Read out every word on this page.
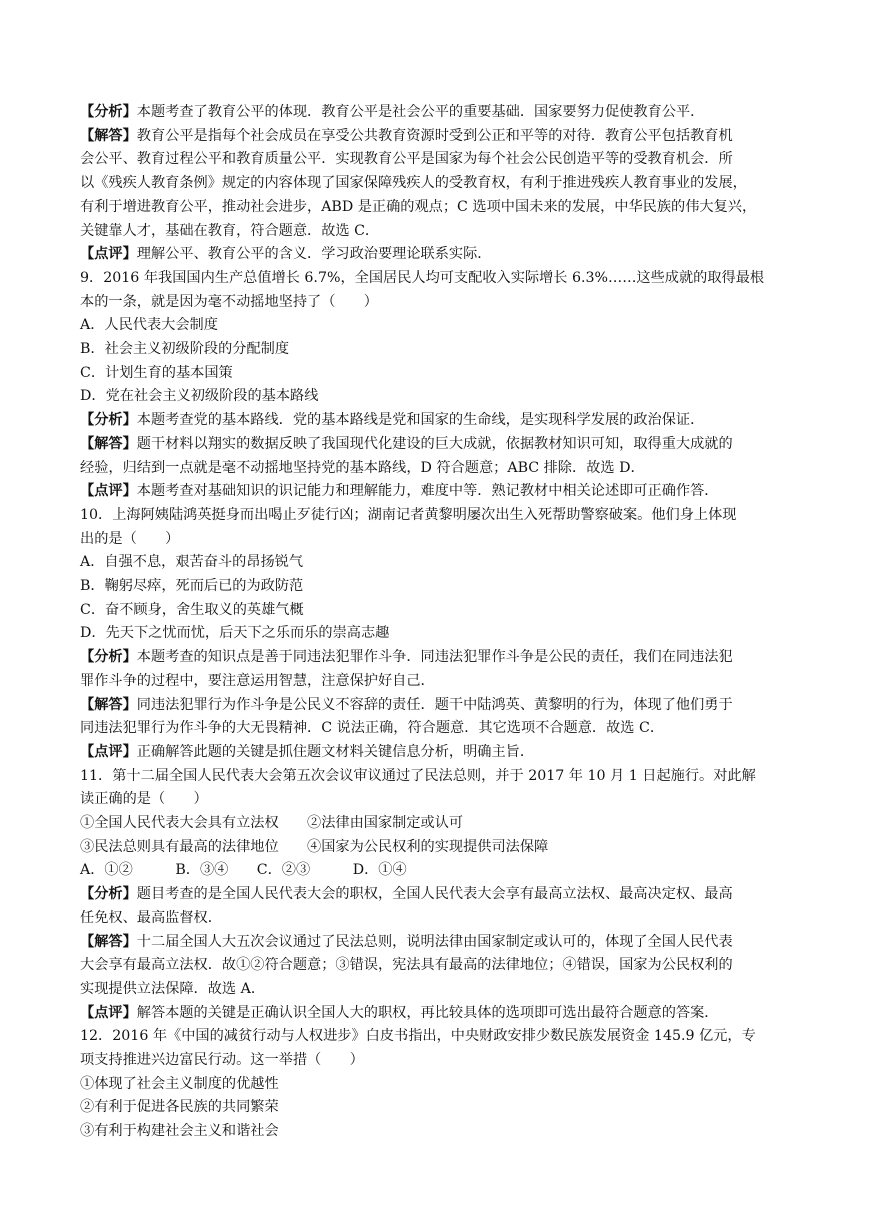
【分析】本题考查了教育公平的体现．教育公平是社会公平的重要基础．国家要努力促使教育公平．
【解答】教育公平是指每个社会成员在享受公共教育资源时受到公正和平等的对待．教育公平包括教育机
会公平、教育过程公平和教育质量公平．实现教育公平是国家为每个社会公民创造平等的受教育机会．所
以《残疾人教育条例》规定的内容体现了国家保障残疾人的受教育权，有利于推进残疾人教育事业的发展，
有利于增进教育公平，推动社会进步，ABD 是正确的观点；C 选项中国未来的发展，中华民族的伟大复兴，
关键靠人才，基础在教育，符合题意．故选 C．
【点评】理解公平、教育公平的含义．学习政治要理论联系实际．
9．2016 年我国国内生产总值增长 6.7%，全国居民人均可支配收入实际增长 6.3%……这些成就的取得最根
本的一条，就是因为毫不动摇地坚持了（　　）
A．人民代表大会制度
B．社会主义初级阶段的分配制度
C．计划生育的基本国策
D．党在社会主义初级阶段的基本路线
【分析】本题考查党的基本路线．党的基本路线是党和国家的生命线，是实现科学发展的政治保证．
【解答】题干材料以翔实的数据反映了我国现代化建设的巨大成就，依据教材知识可知，取得重大成就的
经验，归结到一点就是毫不动摇地坚持党的基本路线，D 符合题意；ABC 排除．故选 D．
【点评】本题考查对基础知识的识记能力和理解能力，难度中等．熟记教材中相关论述即可正确作答．
10．上海阿姨陆鸿英挺身而出喝止歹徒行凶；湖南记者黄黎明屡次出生入死帮助警察破案。他们身上体现
出的是（　　）
A．自强不息，艰苦奋斗的昂扬锐气
B．鞠躬尽瘁，死而后已的为政防范
C．奋不顾身，舍生取义的英雄气概
D．先天下之忧而忧，后天下之乐而乐的崇高志趣
【分析】本题考查的知识点是善于同违法犯罪作斗争．同违法犯罪作斗争是公民的责任，我们在同违法犯
罪作斗争的过程中，要注意运用智慧，注意保护好自己．
【解答】同违法犯罪行为作斗争是公民义不容辞的责任．题干中陆鸿英、黄黎明的行为，体现了他们勇于
同违法犯罪行为作斗争的大无畏精神．C 说法正确，符合题意．其它选项不合题意．故选 C．
【点评】正确解答此题的关键是抓住题文材料关键信息分析，明确主旨．
11．第十二届全国人民代表大会第五次会议审议通过了民法总则，并于 2017 年 10 月 1 日起施行。对此解
读正确的是（　　）
①全国人民代表大会具有立法权　　②法律由国家制定或认可
③民法总则具有最高的法律地位　　④国家为公民权利的实现提供司法保障
A．①②　　　B．③④　　C．②③　　　D．①④
【分析】题目考查的是全国人民代表大会的职权，全国人民代表大会享有最高立法权、最高决定权、最高
任免权、最高监督权．
【解答】十二届全国人大五次会议通过了民法总则，说明法律由国家制定或认可的，体现了全国人民代表
大会享有最高立法权．故①②符合题意；③错误，宪法具有最高的法律地位；④错误，国家为公民权利的
实现提供立法保障．故选 A．
【点评】解答本题的关键是正确认识全国人大的职权，再比较具体的选项即可选出最符合题意的答案．
12．2016 年《中国的减贫行动与人权进步》白皮书指出，中央财政安排少数民族发展资金 145.9 亿元，专
项支持推进兴边富民行动。这一举措（　　）
①体现了社会主义制度的优越性
②有利于促进各民族的共同繁荣
③有利于构建社会主义和谐社会
